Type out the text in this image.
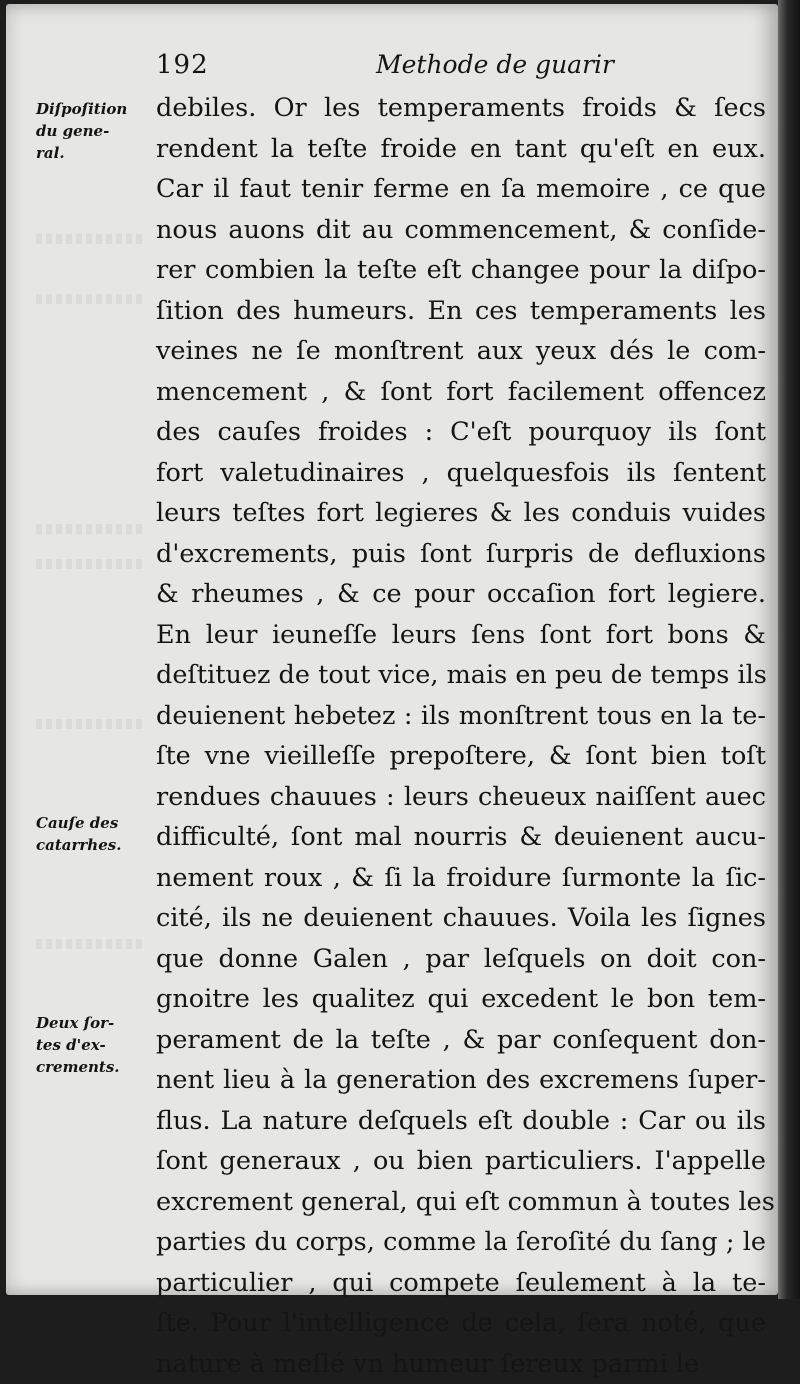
192	Methode de guarir
Diſpoſition
du gene-
ral.
Cauſe des
catarrhes.
Deux ſor-
tes d'ex-
crements.
debiles. Or les temperaments froids & ſecs
rendent la teſte froide en tant qu'eſt en eux.
Car il faut tenir ferme en ſa memoire , ce que
nous auons dit au commencement, & conſide-
rer combien la teſte eſt changee pour la diſpo-
ſition des humeurs. En ces temperaments les
veines ne ſe monſtrent aux yeux dés le com-
mencement , & ſont fort facilement offencez
des cauſes froides : C'eſt pourquoy ils ſont
fort valetudinaires , quelquesfois ils ſentent
leurs teſtes fort legieres & les conduis vuides
d'excrements, puis ſont ſurpris de defluxions
& rheumes , & ce pour occaſion fort legiere.
En leur ieuneſſe leurs ſens ſont fort bons &
deſtituez de tout vice, mais en peu de temps ils
deuienent hebetez : ils monſtrent tous en la te-
ſte vne vieilleſſe prepoſtere, & ſont bien toſt
rendues chauues : leurs cheueux naiſſent auec
difficulté, ſont mal nourris & deuienent aucu-
nement roux , & ſi la froidure ſurmonte la ſic-
cité, ils ne deuienent chauues. Voila les ſignes
que donne Galen , par leſquels on doit con-
gnoitre les qualitez qui excedent le bon tem-
perament de la teſte , & par conſequent don-
nent lieu à la generation des excremens ſuper-
flus. La nature deſquels eſt double : Car ou ils
ſont generaux , ou bien particuliers. I'appelle
excrement general, qui eſt commun à toutes les
parties du corps, comme la ſeroſité du ſang ; le
particulier , qui compete ſeulement à la te-
ſte. Pour l'intelligence de cela, ſera noté, que
nature à meſlé vn humeur ſereux parmi le
